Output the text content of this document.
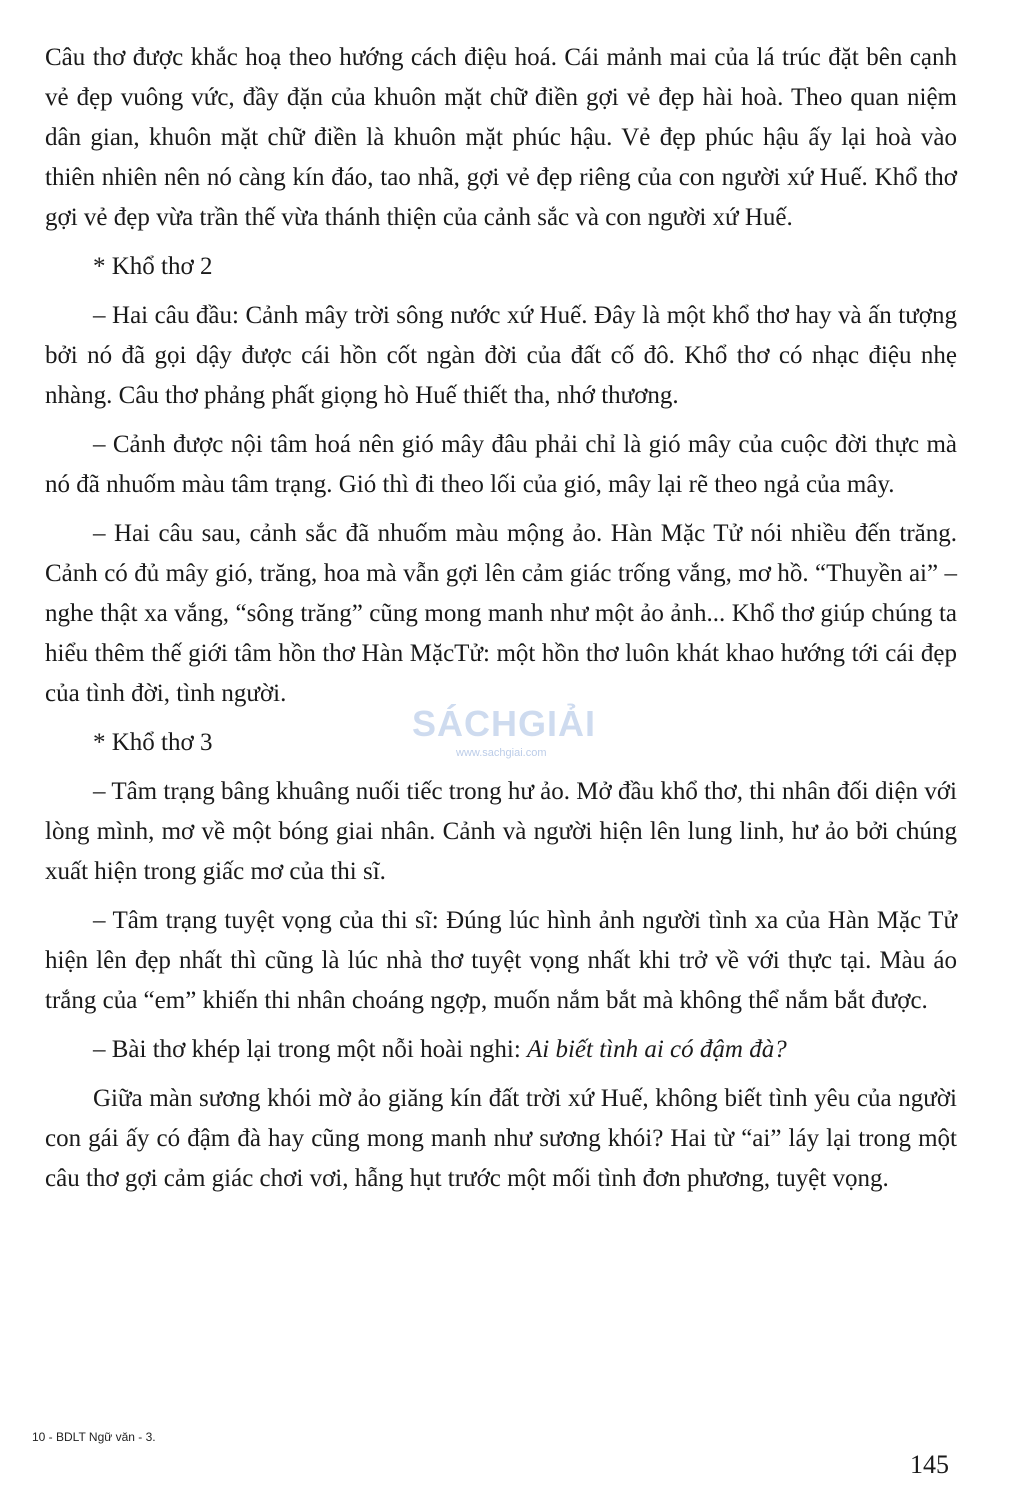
Câu thơ được khắc hoạ theo hướng cách điệu hoá. Cái mảnh mai của lá trúc đặt bên cạnh vẻ đẹp vuông vức, đầy đặn của khuôn mặt chữ điền gợi vẻ đẹp hài hoà. Theo quan niệm dân gian, khuôn mặt chữ điền là khuôn mặt phúc hậu. Vẻ đẹp phúc hậu ấy lại hoà vào thiên nhiên nên nó càng kín đáo, tao nhã, gợi vẻ đẹp riêng của con người xứ Huế. Khổ thơ gợi vẻ đẹp vừa trần thế vừa thánh thiện của cảnh sắc và con người xứ Huế.

* Khổ thơ 2

– Hai câu đầu: Cảnh mây trời sông nước xứ Huế. Đây là một khổ thơ hay và ấn tượng bởi nó đã gọi dậy được cái hồn cốt ngàn đời của đất cố đô. Khổ thơ có nhạc điệu nhẹ nhàng. Câu thơ phảng phất giọng hò Huế thiết tha, nhớ thương.

– Cảnh được nội tâm hoá nên gió mây đâu phải chỉ là gió mây của cuộc đời thực mà nó đã nhuốm màu tâm trạng. Gió thì đi theo lối của gió, mây lại rẽ theo ngả của mây.

– Hai câu sau, cảnh sắc đã nhuốm màu mộng ảo. Hàn Mặc Tử nói nhiều đến trăng. Cảnh có đủ mây gió, trăng, hoa mà vẫn gợi lên cảm giác trống vắng, mơ hồ. “Thuyền ai” – nghe thật xa vắng, “sông trăng” cũng mong manh như một ảo ảnh... Khổ thơ giúp chúng ta hiểu thêm thế giới tâm hồn thơ Hàn MặcTử: một hồn thơ luôn khát khao hướng tới cái đẹp của tình đời, tình người.

* Khổ thơ 3

– Tâm trạng bâng khuâng nuối tiếc trong hư ảo. Mở đầu khổ thơ, thi nhân đối diện với lòng mình, mơ về một bóng giai nhân. Cảnh và người hiện lên lung linh, hư ảo bởi chúng xuất hiện trong giấc mơ của thi sĩ.

– Tâm trạng tuyệt vọng của thi sĩ: Đúng lúc hình ảnh người tình xa của Hàn Mặc Tử hiện lên đẹp nhất thì cũng là lúc nhà thơ tuyệt vọng nhất khi trở về với thực tại. Màu áo trắng của “em” khiến thi nhân choáng ngợp, muốn nắm bắt mà không thể nắm bắt được.

– Bài thơ khép lại trong một nỗi hoài nghi: Ai biết tình ai có đậm đà?

Giữa màn sương khói mờ ảo giăng kín đất trời xứ Huế, không biết tình yêu của người con gái ấy có đậm đà hay cũng mong manh như sương khói? Hai từ “ai” láy lại trong một câu thơ gợi cảm giác chơi vơi, hẫng hụt trước một mối tình đơn phương, tuyệt vọng.

SÁCHGIẢI
www.sachgiai.com
10 - BDLT Ngữ văn - 3.
145
